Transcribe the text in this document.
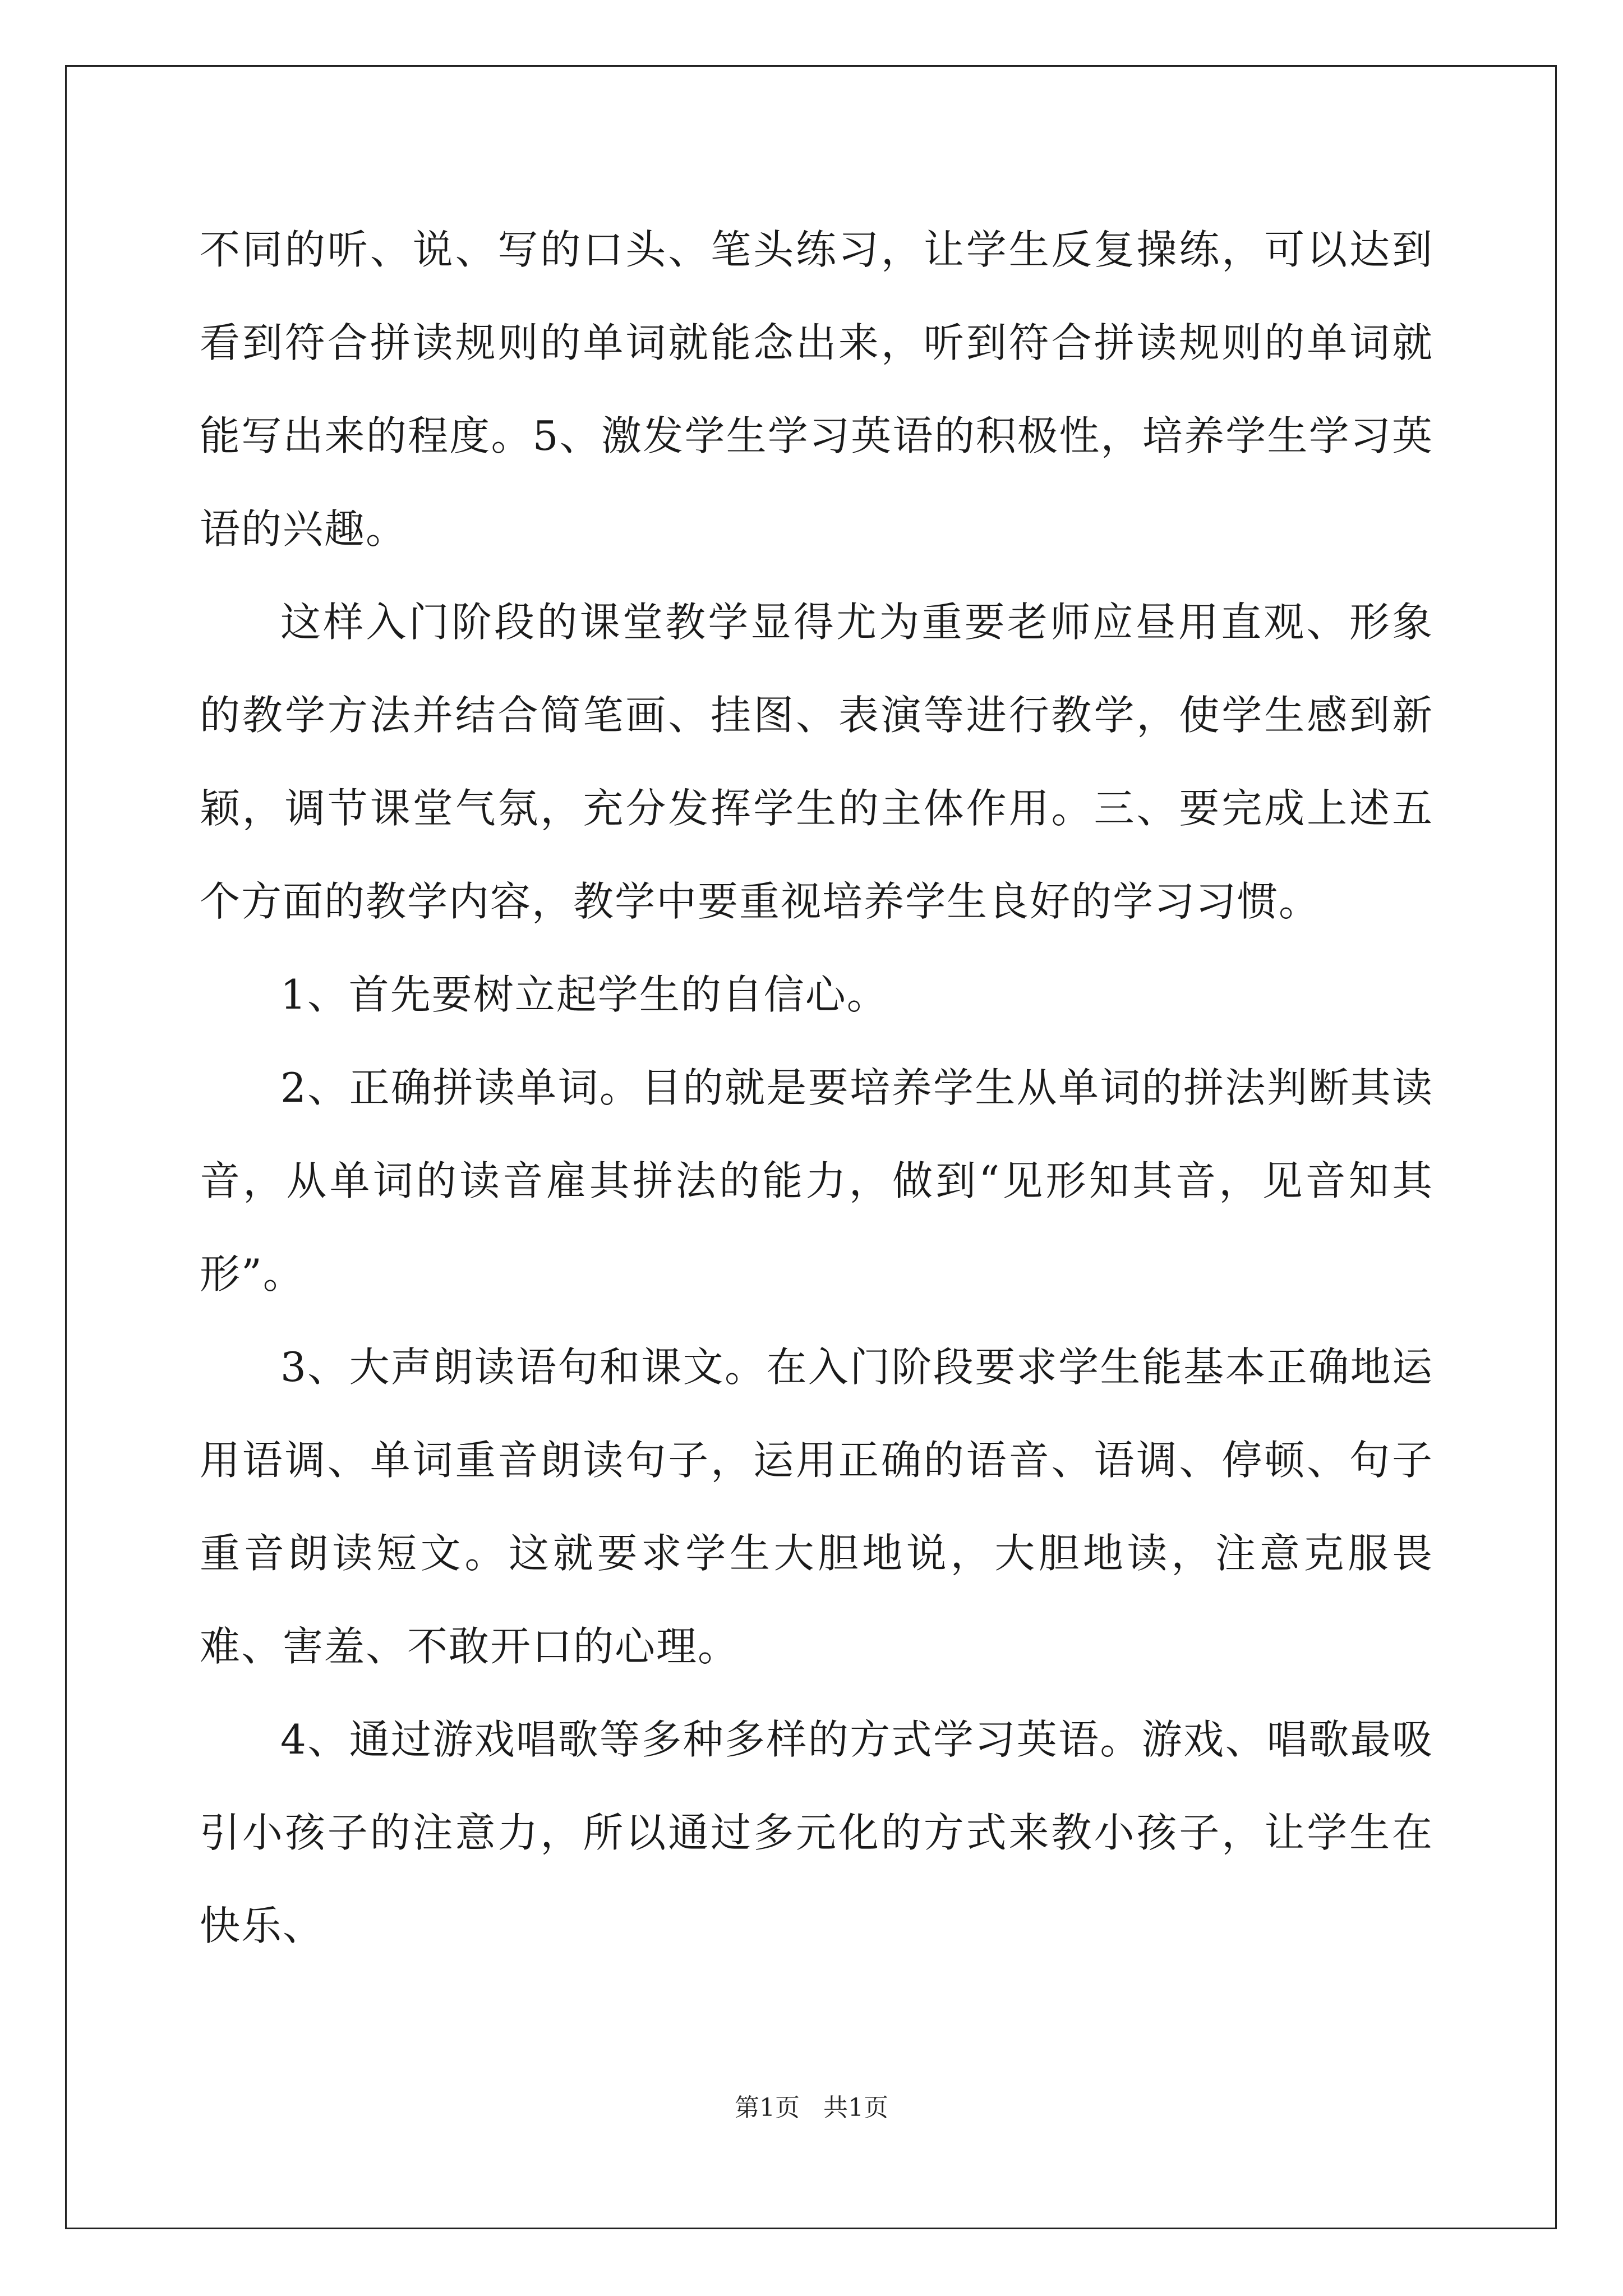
不同的听、说、写的口头、笔头练习，让学生反复操练，可以达到看到符合拼读规则的单词就能念出来，听到符合拼读规则的单词就能写出来的程度。5、激发学生学习英语的积极性，培养学生学习英语的兴趣。

这样入门阶段的课堂教学显得尤为重要老师应昼用直观、形象的教学方法并结合简笔画、挂图、表演等进行教学，使学生感到新颖，调节课堂气氛，充分发挥学生的主体作用。三、要完成上述五个方面的教学内容，教学中要重视培养学生良好的学习习惯。

1、首先要树立起学生的自信心。

2、正确拼读单词。目的就是要培养学生从单词的拼法判断其读音，从单词的读音雇其拼法的能力，做到“见形知其音，见音知其形”。

3、大声朗读语句和课文。在入门阶段要求学生能基本正确地运用语调、单词重音朗读句子，运用正确的语音、语调、停顿、句子重音朗读短文。这就要求学生大胆地说，大胆地读，注意克服畏难、害羞、不敢开口的心理。

4、通过游戏唱歌等多种多样的方式学习英语。游戏、唱歌最吸引小孩子的注意力，所以通过多元化的方式来教小孩子，让学生在快乐、

第1页   共1页
